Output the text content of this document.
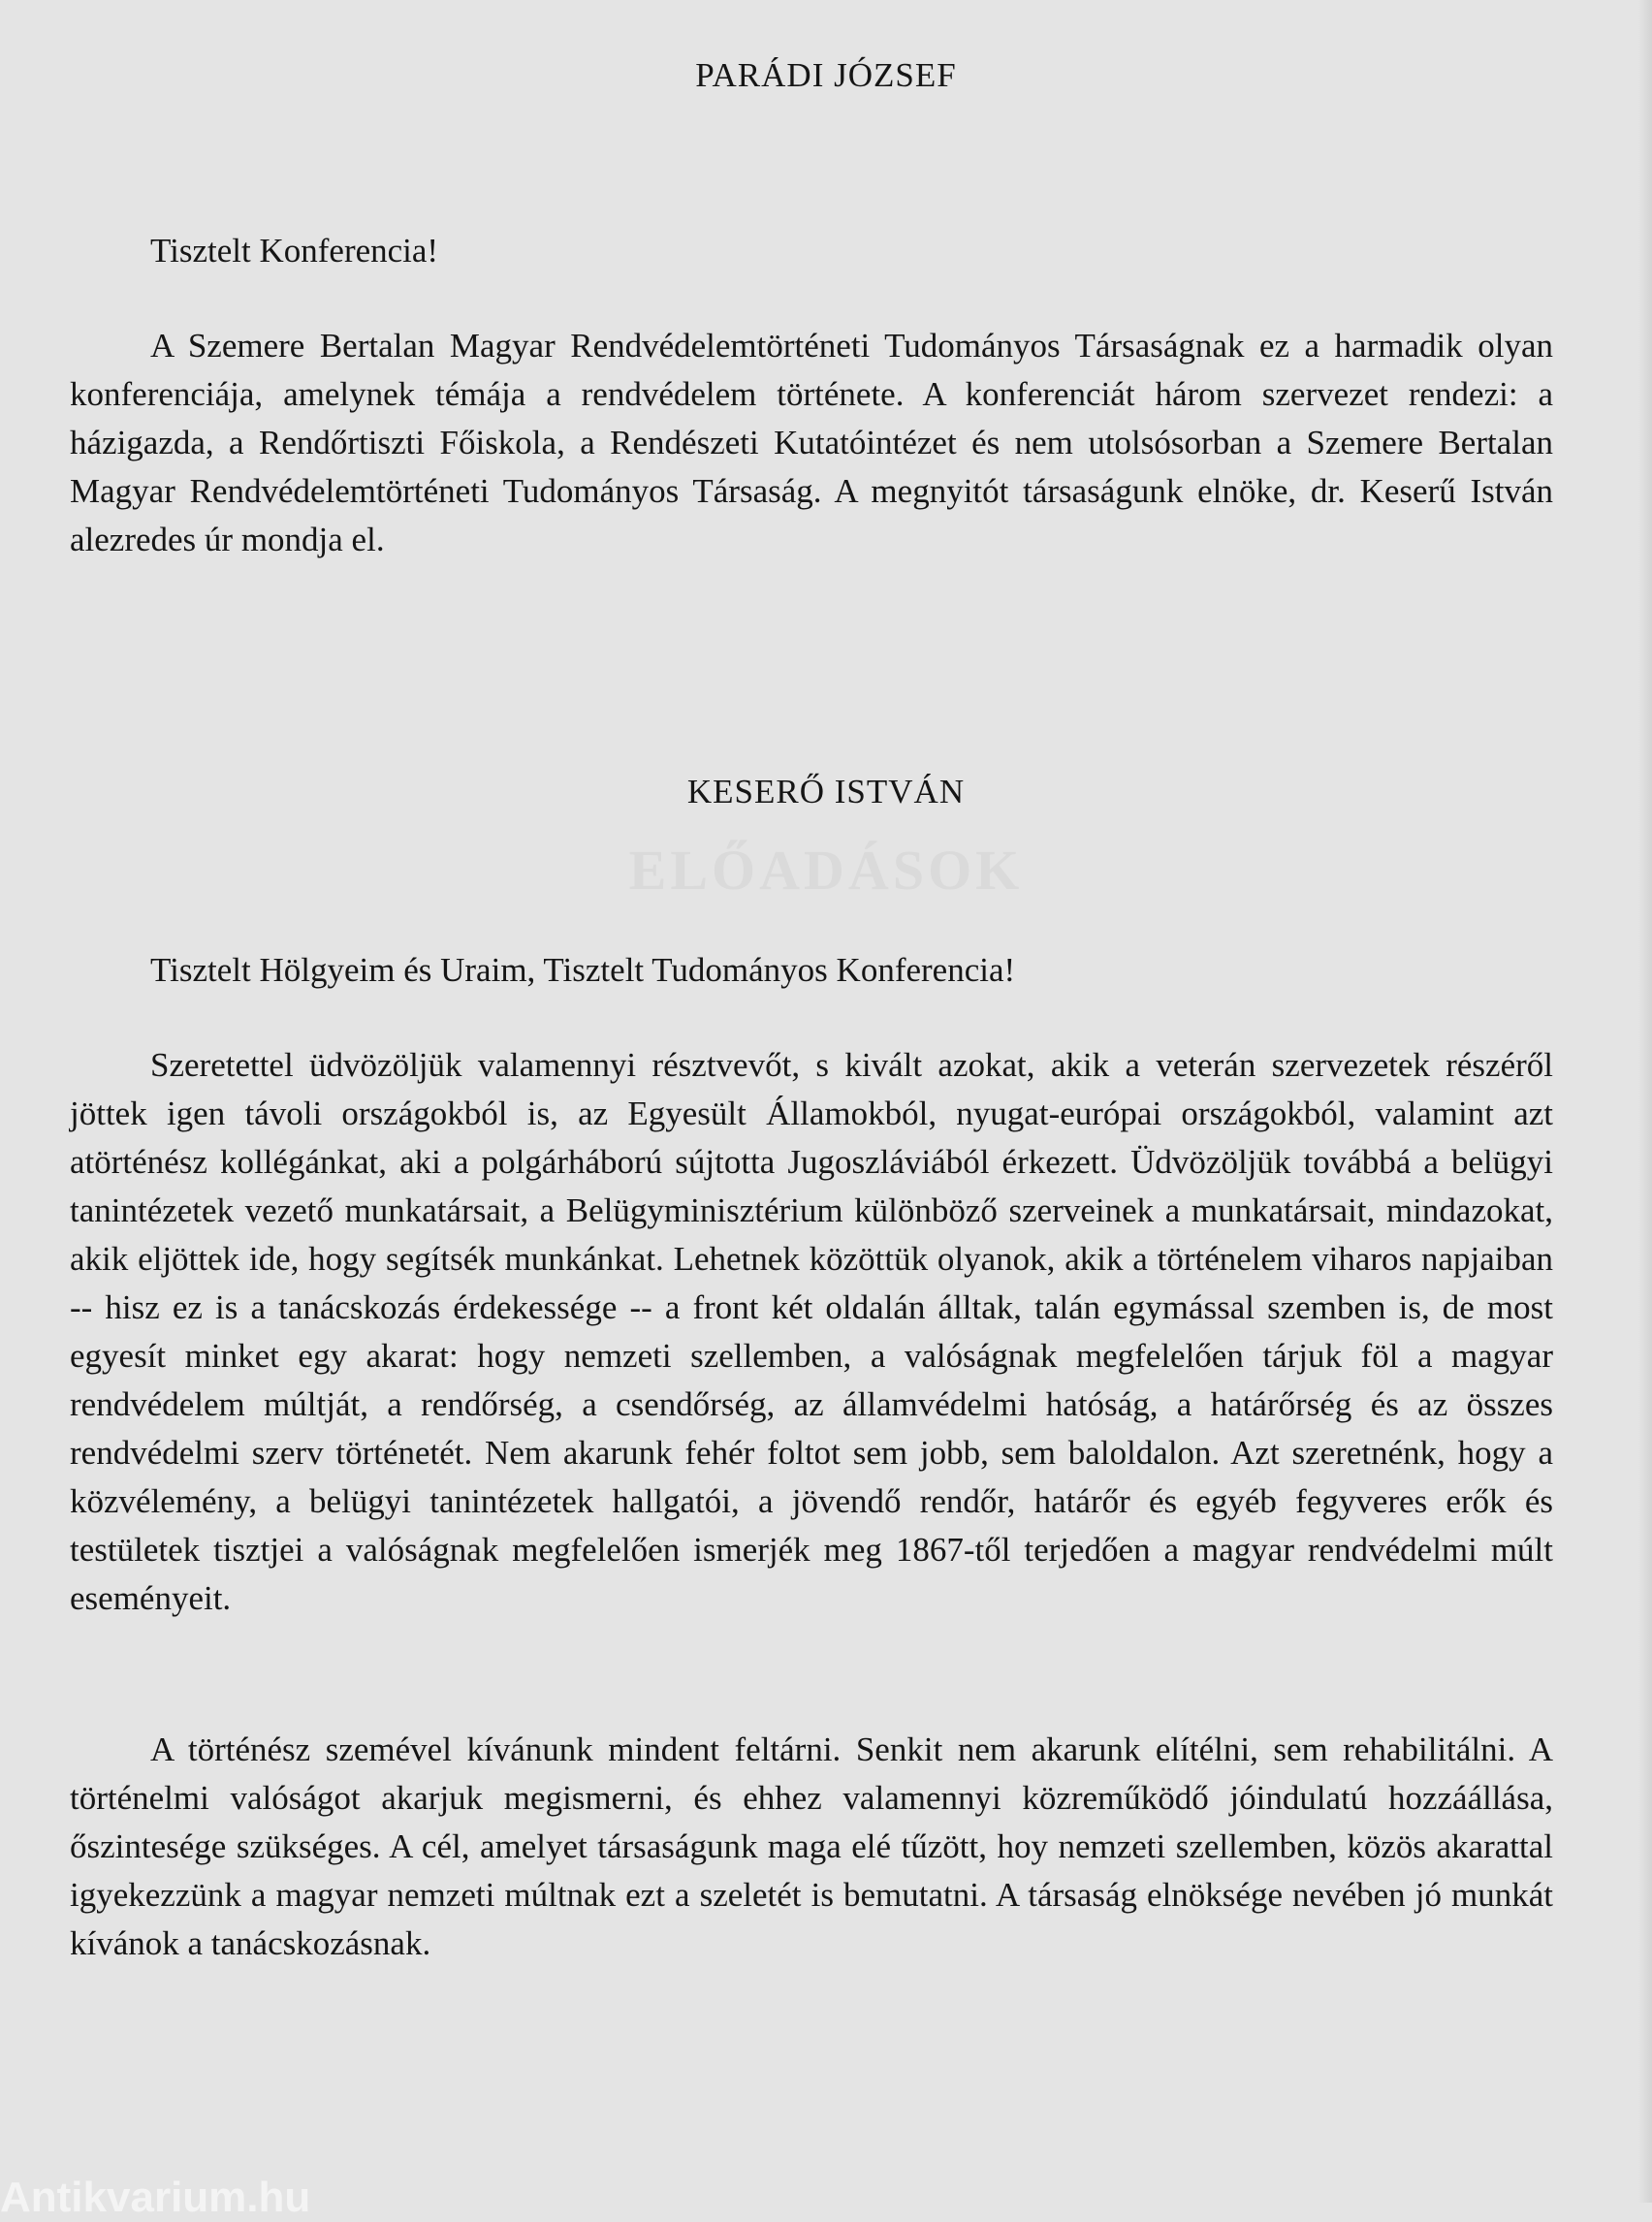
PARÁDI JÓZSEF

Tisztelt Konferencia!

A Szemere Bertalan Magyar Rendvédelemtörténeti Tudományos Társaságnak ez a harmadik olyan konferenciája, amelynek témája a rendvédelem története. A konferenciát három szervezet rendezi: a házigazda, a Rendőrtiszti Főiskola, a Rendészeti Kutatóintézet és nem utolsósorban a Szemere Bertalan Magyar Rendvédelemtörténeti Tudományos Társaság. A megnyitót társaságunk elnöke, dr. Keserű István alezredes úr mondja el.

ELŐADÁSOK

KESERŐ ISTVÁN

Tisztelt Hölgyeim és Uraim, Tisztelt Tudományos Konferencia!

Szeretettel üdvözöljük valamennyi résztvevőt, s kivált azokat, akik a veterán szervezetek részéről jöttek igen távoli országokból is, az Egyesült Államokból, nyugat-európai országokból, valamint azt atörténész kollégánkat, aki a polgárháború sújtotta Jugoszláviából érkezett. Üdvözöljük továbbá a belügyi tanintézetek vezető munkatársait, a Belügyminisztérium különböző szerveinek a munkatársait, mindazokat, akik eljöttek ide, hogy segítsék munkánkat. Lehetnek közöttük olyanok, akik a történelem viharos napjaiban -- hisz ez is a tanácskozás érdekessége -- a front két oldalán álltak, talán egymással szemben is, de most egyesít minket egy akarat: hogy nemzeti szellemben, a valóságnak megfelelően tárjuk föl a magyar rendvédelem múltját, a rendőrség, a csendőrség, az államvédelmi hatóság, a határőrség és az összes rendvédelmi szerv történetét. Nem akarunk fehér foltot sem jobb, sem baloldalon. Azt szeretnénk, hogy a közvélemény, a belügyi tanintézetek hallgatói, a jövendő rendőr, határőr és egyéb fegyveres erők és testületek tisztjei a valóságnak megfelelően ismerjék meg 1867-től terjedően a magyar rendvédelmi múlt eseményeit.

A történész szemével kívánunk mindent feltárni. Senkit nem akarunk elítélni, sem rehabilitálni. A történelmi valóságot akarjuk megismerni, és ehhez valamennyi közreműködő jóindulatú hozzáállása, őszintesége szükséges. A cél, amelyet társaságunk maga elé tűzött, hoy nemzeti szellemben, közös akarattal igyekezzünk a magyar nemzeti múltnak ezt a szeletét is bemutatni. A társaság elnöksége nevében jó munkát kívánok a tanácskozásnak.

Antikvarium.hu
